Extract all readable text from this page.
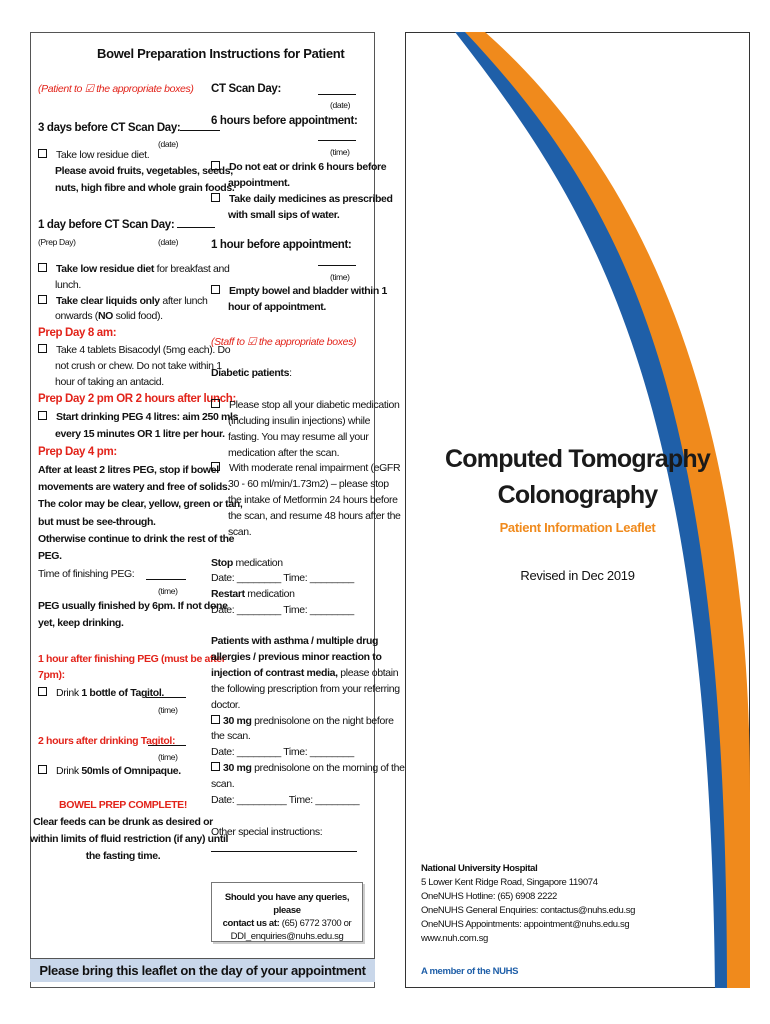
Bowel Preparation Instructions for Patient
(Patient to ☑ the appropriate boxes)
3 days before CT Scan Day:
(date)
Take low residue diet.
Please avoid fruits, vegetables, seeds,
nuts, high fibre and whole grain foods.
1 day before CT Scan Day:
(Prep Day)	(date)
Take low residue diet for breakfast and
lunch.
Take clear liquids only after lunch
onwards (NO solid food).
Prep Day 8 am:
Take 4 tablets Bisacodyl (5mg each). Do
not crush or chew. Do not take within 1
hour of taking an antacid.
Prep Day 2 pm OR 2 hours after lunch:
Start drinking PEG 4 litres: aim 250 mls
every 15 minutes OR 1 litre per hour.
Prep Day 4 pm:
After at least 2 litres PEG, stop if bowel
movements are watery and free of solids.
The color may be clear, yellow, green or tan,
but must be see-through.
Otherwise continue to drink the rest of the
PEG.
Time of finishing PEG:
(time)
PEG usually finished by 6pm. If not done
yet, keep drinking.
1 hour after finishing PEG (must be after
7pm):
Drink 1 bottle of Tagitol.
(time)
2 hours after drinking Tagitol:
(time)
Drink 50mls of Omnipaque.
BOWEL PREP COMPLETE!
Clear feeds can be drunk as desired or
within limits of fluid restriction (if any) until
the fasting time.
CT Scan Day:
(date)
6 hours before appointment:
(time)
Do not eat or drink 6 hours before
appointment.
Take daily medicines as prescribed
with small sips of water.
1 hour before appointment:
(time)
Empty bowel and bladder within 1
hour of appointment.
(Staff to ☑ the appropriate boxes)
Diabetic patients:
Please stop all your diabetic medication
(including insulin injections) while
fasting. You may resume all your
medication after the scan.
With moderate renal impairment (eGFR
30 - 60 ml/min/1.73m2) – please stop
the intake of Metformin 24 hours before
the scan, and resume 48 hours after the
scan.
Stop medication
Date: ________ Time: ________
Restart medication
Date: ________ Time: ________
Patients with asthma / multiple drug
allergies / previous minor reaction to
injection of contrast media, please obtain
the following prescription from your referring
doctor.
30 mg prednisolone on the night before
the scan.
Date: ________ Time: ________
30 mg prednisolone on the morning of the
scan.
Date: _________ Time: ________
Other special instructions:
Should you have any queries, please
contact us at: (65) 6772 3700 or
DDI_enquiries@nuhs.edu.sg
Please bring this leaflet on the day of your appointment
Computed Tomography
Colonography
Patient Information Leaflet
Revised in Dec 2019
National University Hospital
5 Lower Kent Ridge Road, Singapore 119074
OneNUHS Hotline: (65) 6908 2222
OneNUHS General Enquiries: contactus@nuhs.edu.sg
OneNUHS Appointments: appointment@nuhs.edu.sg
www.nuh.com.sg
A member of the NUHS
